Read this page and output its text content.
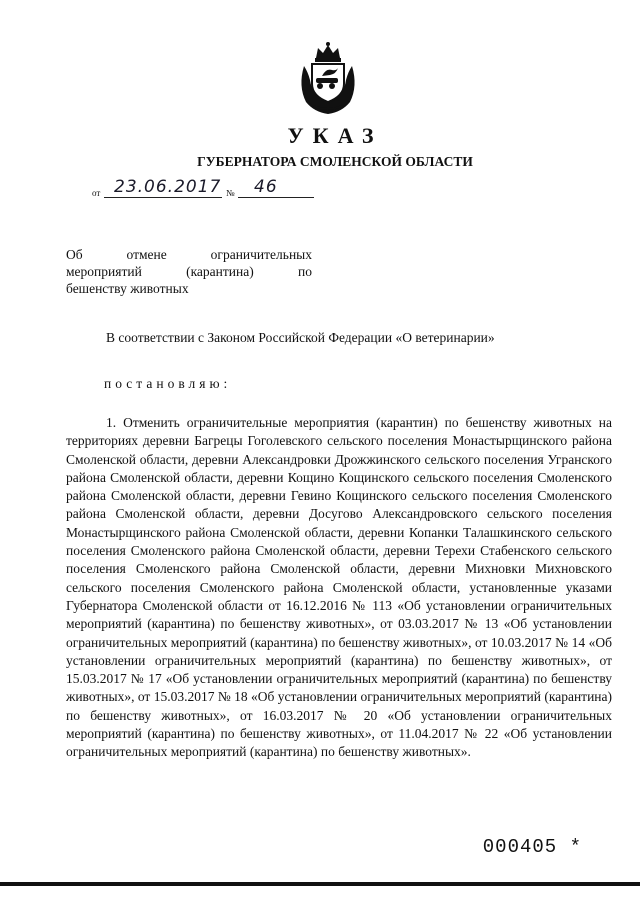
УКАЗ
ГУБЕРНАТОРА СМОЛЕНСКОЙ ОБЛАСТИ
от 23.06.2017 № 46
Об отмене ограничительных
мероприятий (карантина) по
бешенству животных
В соответствии с Законом Российской Федерации «О ветеринарии»
постановляю:

1. Отменить ограничительные мероприятия (карантин) по бешенству животных на территориях деревни Багрецы Гоголевского сельского поселения Монастырщинского района Смоленской области, деревни Александровки Дрожжинского сельского поселения Угранского района Смоленской области, деревни Кощино Кощинского сельского поселения Смоленского района Смоленской области, деревни Гевино Кощинского сельского поселения Смоленского района Смоленской области, деревни Досугово Александровского сельского поселения Монастырщинского района Смоленской области, деревни Копанки Талашкинского сельского поселения Смоленского района Смоленской области, деревни Терехи Стабенского сельского поселения Смоленского района Смоленской области, деревни Михновки Михновского сельского поселения Смоленского района Смоленской области, установленные указами Губернатора Смоленской области от 16.12.2016 № 113 «Об установлении ограничительных мероприятий (карантина) по бешенству животных», от 03.03.2017 № 13 «Об установлении ограничительных мероприятий (карантина) по бешенству животных», от 10.03.2017 № 14 «Об установлении ограничительных мероприятий (карантина) по бешенству животных», от 15.03.2017 № 17 «Об установлении ограничительных мероприятий (карантина) по бешенству животных», от 15.03.2017 № 18 «Об установлении ограничительных мероприятий (карантина) по бешенству животных», от 16.03.2017 № 20 «Об установлении ограничительных мероприятий (карантина) по бешенству животных», от 11.04.2017 № 22 «Об установлении ограничительных мероприятий (карантина) по бешенству животных».

000405 *
